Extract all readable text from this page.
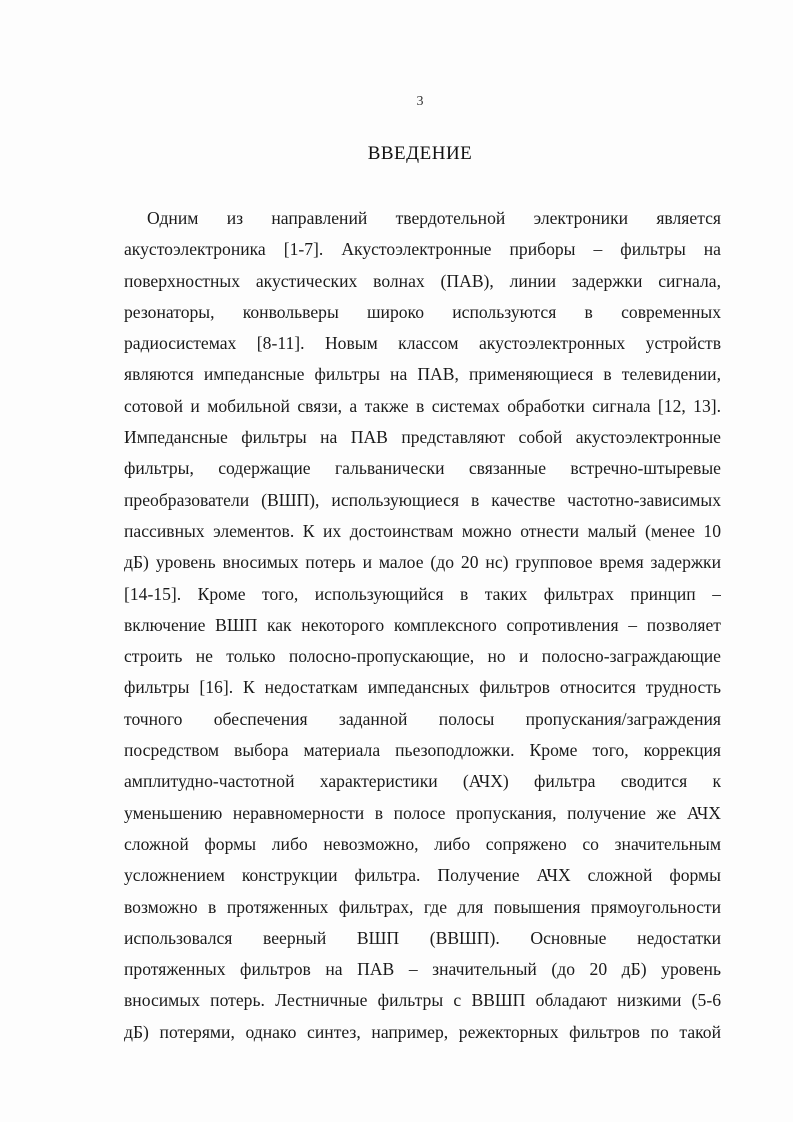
3
ВВЕДЕНИЕ
Одним из направлений твердотельной электроники является
акустоэлектроника [1-7]. Акустоэлектронные приборы – фильтры на
поверхностных акустических волнах (ПАВ), линии задержки сигнала,
резонаторы, конвольверы широко используются в современных
радиосистемах [8-11]. Новым классом акустоэлектронных устройств
являются импедансные фильтры на ПАВ, применяющиеся в телевидении,
сотовой и мобильной связи, а также в системах обработки сигнала [12, 13].
Импедансные фильтры на ПАВ представляют собой акустоэлектронные
фильтры, содержащие гальванически связанные встречно-штыревые
преобразователи (ВШП), использующиеся в качестве частотно-зависимых
пассивных элементов. К их достоинствам можно отнести малый (менее 10
дБ) уровень вносимых потерь и малое (до 20 нс) групповое время задержки
[14-15]. Кроме того, использующийся в таких фильтрах принцип –
включение ВШП как некоторого комплексного сопротивления – позволяет
строить не только полосно-пропускающие, но и полосно-заграждающие
фильтры [16]. К недостаткам импедансных фильтров относится трудность
точного обеспечения заданной полосы пропускания/заграждения
посредством выбора материала пьезоподложки. Кроме того, коррекция
амплитудно-частотной характеристики (АЧХ) фильтра сводится к
уменьшению неравномерности в полосе пропускания, получение же АЧХ
сложной формы либо невозможно, либо сопряжено со значительным
усложнением конструкции фильтра. Получение АЧХ сложной формы
возможно в протяженных фильтрах, где для повышения прямоугольности
использовался веерный ВШП (ВВШП). Основные недостатки
протяженных фильтров на ПАВ – значительный (до 20 дБ) уровень
вносимых потерь. Лестничные фильтры с ВВШП обладают низкими (5-6
дБ) потерями, однако синтез, например, режекторных фильтров по такой
